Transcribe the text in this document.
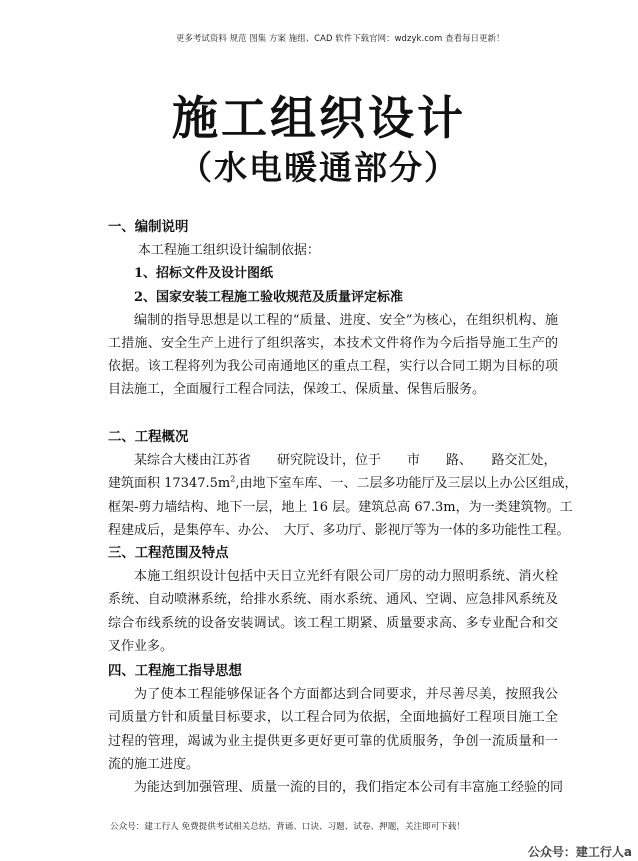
更多考试资料 规范 图集 方案 施组、CAD 软件下载官网：wdzyk.com 查看每日更新！
施工组织设计
（水电暖通部分）
一、编制说明
本工程施工组织设计编制依据：
1、招标文件及设计图纸
2、国家安装工程施工验收规范及质量评定标准
编制的指导思想是以工程的“质量、进度、安全”为核心，在组织机构、施工措施、安全生产上进行了组织落实，本技术文件将作为今后指导施工生产的依据。该工程将列为我公司南通地区的重点工程，实行以合同工期为目标的项目法施工，全面履行工程合同法，保竣工、保质量、保售后服务。
二、工程概况
某综合大楼由江苏省　　研究院设计，位于　　市　　路、　　路交汇处，
建筑面积 $17347.5m^2$,由地下室车库、一、二层多功能厅及三层以上办公区组成，
框架-剪力墙结构、地下一层，地上 16 层。建筑总高 67.3m，为一类建筑物。工
程建成后，是集停车、办公、　大厅、多功厅、影视厅等为一体的多功能性工程。
三、工程范围及特点
本施工组织设计包括中天日立光纤有限公司厂房的动力照明系统、消火栓系统、自动喷淋系统，给排水系统、雨水系统、通风、空调、应急排风系统及综合布线系统的设备安装调试。该工程工期紧、质量要求高、多专业配合和交叉作业多。
四、工程施工指导思想
为了使本工程能够保证各个方面都达到合同要求，并尽善尽美，按照我公司质量方针和质量目标要求，以工程合同为依据，全面地搞好工程项目施工全过程的管理，竭诚为业主提供更多更好更可靠的优质服务，争创一流质量和一流的施工进度。
为能达到加强管理、质量一流的目的，我们指定本公司有丰富施工经验的同
公众号：建工行人 免费提供考试相关总结、背诵、口诀、习题、试卷、押题，关注即可下载！
公众号：建工行人a
